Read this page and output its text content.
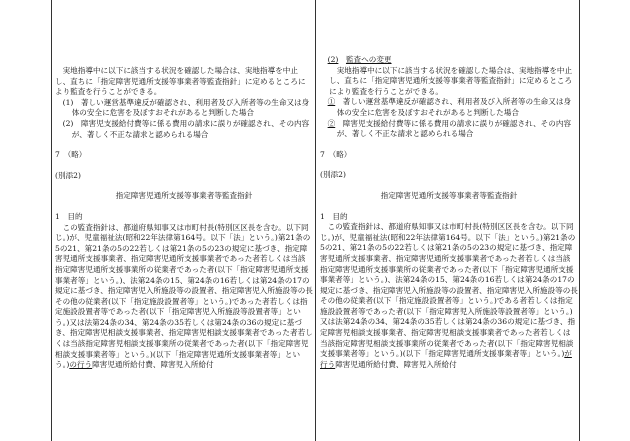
実地指導中に以下に該当する状況を確認した場合は、実地指導を中止し、直ちに「指定障害児通所支援等事業者等監査指針」に定めるところにより監査を行うことができる。

(1)　 著しい運営基準違反が確認され、利用者及び入所者等の生命又は身体の安全に危害を及ぼすおそれがあると判断した場合

(2)　 障害児支援給付費等に係る費用の請求に誤りが確認され、その内容が、著しく不正な請求と認められる場合

7　（略）

(別添2)

指定障害児通所支援等事業者等監査指針

1　目的

この監査指針は、都道府県知事又は市町村長(特別区区長を含む。以下同じ。)が、児童福祉法(昭和22年法律第164号。以下「法」という。)第21条の5の21、第21条の5の22若しくは第21条の5の23の規定に基づき、指定障害児通所支援事業者、指定障害児通所支援事業者であった者若しくは当該指定障害児通所支援事業所の従業者であった者(以下「指定障害児通所支援事業者等」という。)、法第24条の15、第24条の16若しくは第24条の17の規定に基づき、指定障害児入所施設等の設置者、指定障害児入所施設等の長その他の従業者(以下「指定施設設置者等」という。)であった者若しくは指定施設設置者等であった者(以下「指定障害児入所施設等設置者等」という。)又は法第24条の34、第24条の35若しくは第24条の36の規定に基づき、指定障害児相談支援事業者、指定障害児相談支援事業者であった者若しくは当該指定障害児相談支援事業所の従業者であった者(以下「指定障害児相談支援事業者等」という。)(以下「指定障害児通所支援事業者等」という。)の行う障害児通所給付費、障害児入所給付

(2)　 監査への変更

実地指導中に以下に該当する状況を確認した場合は、実地指導を中止し、直ちに「指定障害児通所支援等事業者等監査指針」に定めるところにより監査を行うことができる。

①　 著しい運営基準違反が確認され、利用者及び入所者等の生命又は身体の安全に危害を及ぼすおそれがあると判断した場合

②　 障害児支援給付費等に係る費用の請求に誤りが確認され、その内容が、著しく不正な請求と認められる場合

7　（略）

(別添2)

指定障害児通所支援等事業者等監査指針

1　目的

この監査指針は、都道府県知事又は市町村長(特別区区長を含む。以下同じ。)が、児童福祉法(昭和22年法律第164号。以下「法」という。)第21条の5の21、第21条の5の22若しくは第21条の5の23の規定に基づき、指定障害児通所支援事業者、指定障害児通所支援事業者であった者若しくは当該指定障害児通所支援事業所の従業者であった者(以下「指定障害児通所支援事業者等」という。)、法第24条の15、第24条の16若しくは第24条の17の規定に基づき、指定障害児入所施設等の設置者、指定障害児入所施設等の長その他の従業者(以下「指定施設設置者等」という。)である者若しくは指定施設設置者等であった者(以下「指定障害児入所施設等設置者等」という。)又は法第24条の34、第24条の35若しくは第24条の36の規定に基づき、指定障害児相談支援事業者、指定障害児相談支援事業者であった者若しくは当該指定障害児相談支援事業所の従業者であった者(以下「指定障害児相談支援事業者等」という。)(以下「指定障害児通所支援事業者等」という。)が行う障害児通所給付費、障害児入所給付
